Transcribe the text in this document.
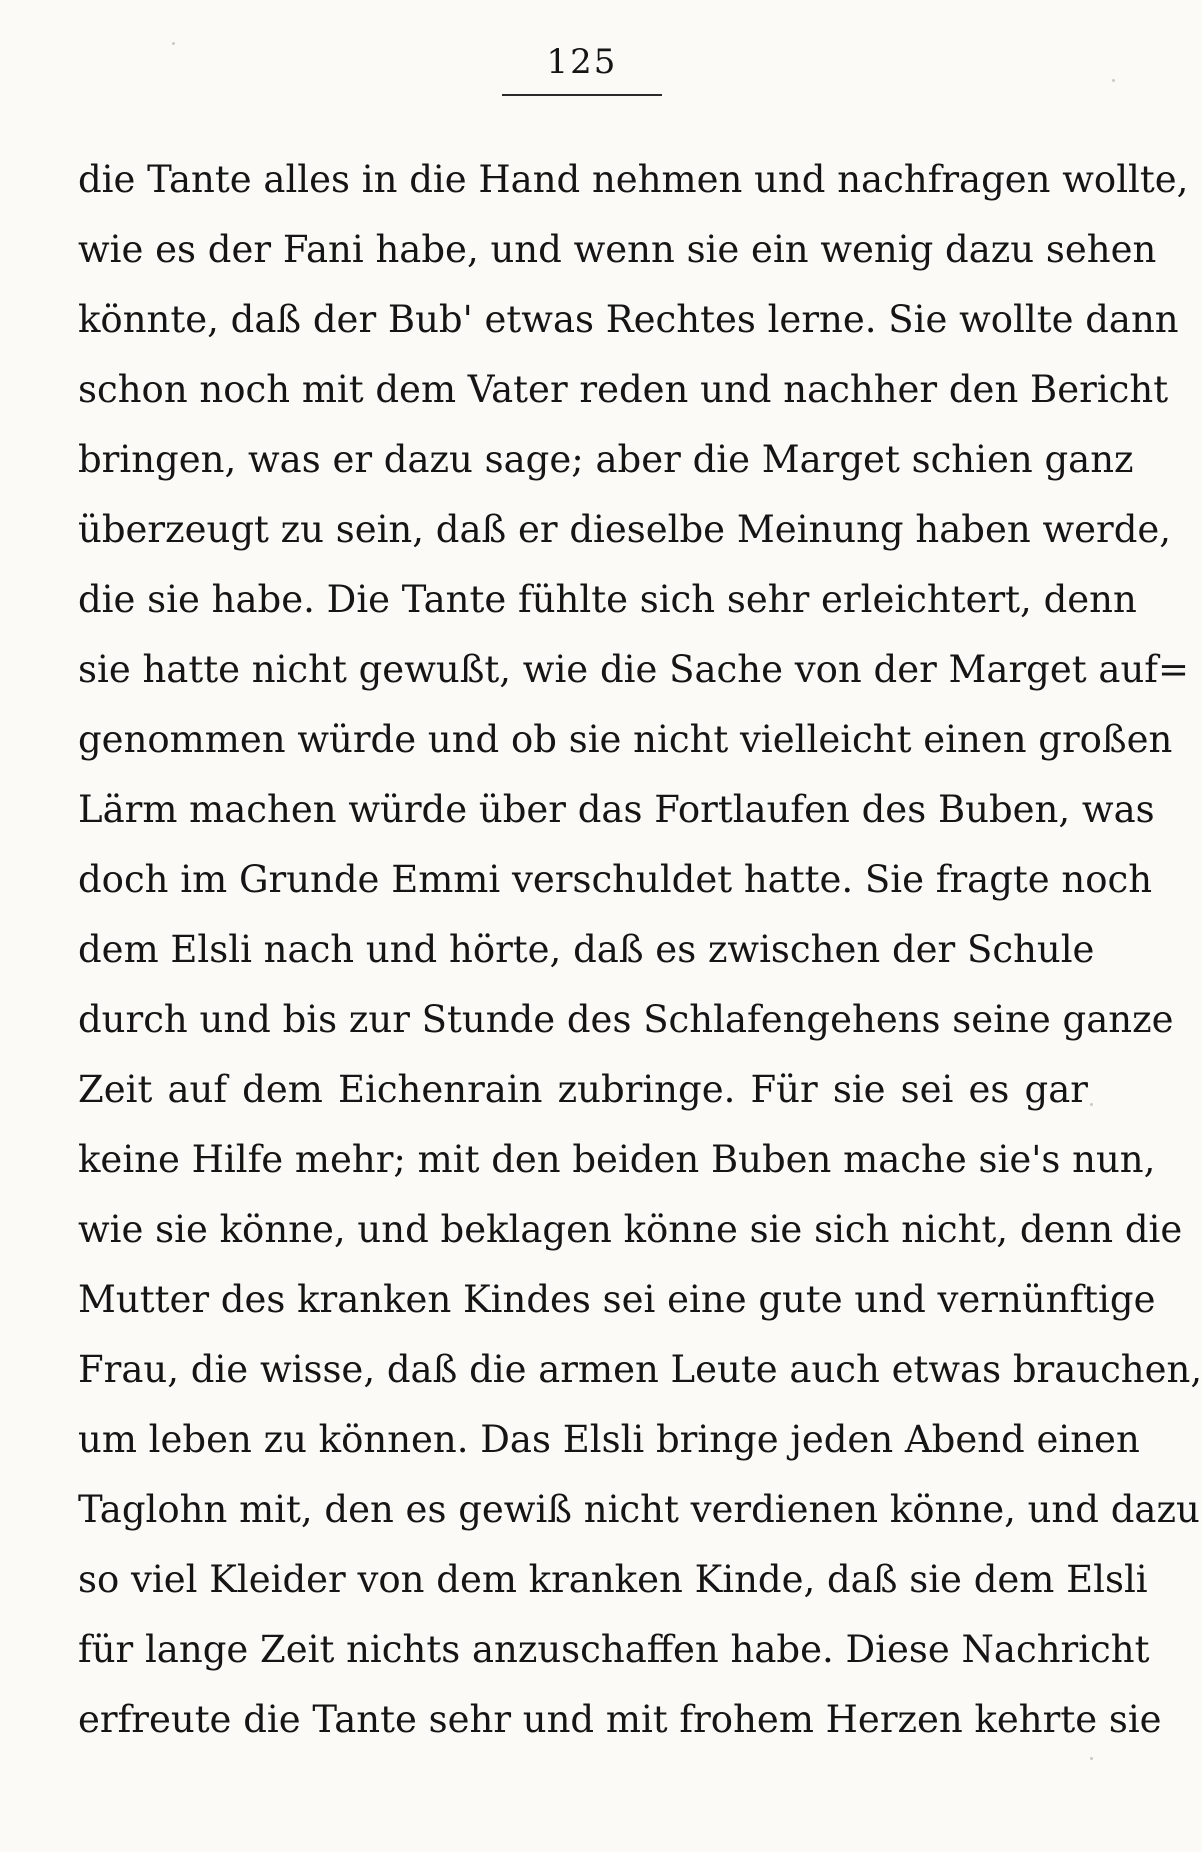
125
die Tante alles in die Hand nehmen und nachfragen wollte,
wie es der Fani habe, und wenn sie ein wenig dazu sehen
könnte, daß der Bub' etwas Rechtes lerne. Sie wollte dann
schon noch mit dem Vater reden und nachher den Bericht
bringen, was er dazu sage; aber die Marget schien ganz
überzeugt zu sein, daß er dieselbe Meinung haben werde,
die sie habe. Die Tante fühlte sich sehr erleichtert, denn
sie hatte nicht gewußt, wie die Sache von der Marget auf=
genommen würde und ob sie nicht vielleicht einen großen
Lärm machen würde über das Fortlaufen des Buben, was
doch im Grunde Emmi verschuldet hatte. Sie fragte noch
dem Elsli nach und hörte, daß es zwischen der Schule
durch und bis zur Stunde des Schlafengehens seine ganze
Zeit auf dem Eichenrain zubringe. Für sie sei es gar
keine Hilfe mehr; mit den beiden Buben mache sie's nun,
wie sie könne, und beklagen könne sie sich nicht, denn die
Mutter des kranken Kindes sei eine gute und vernünftige
Frau, die wisse, daß die armen Leute auch etwas brauchen,
um leben zu können. Das Elsli bringe jeden Abend einen
Taglohn mit, den es gewiß nicht verdienen könne, und dazu
so viel Kleider von dem kranken Kinde, daß sie dem Elsli
für lange Zeit nichts anzuschaffen habe. Diese Nachricht
erfreute die Tante sehr und mit frohem Herzen kehrte sie
